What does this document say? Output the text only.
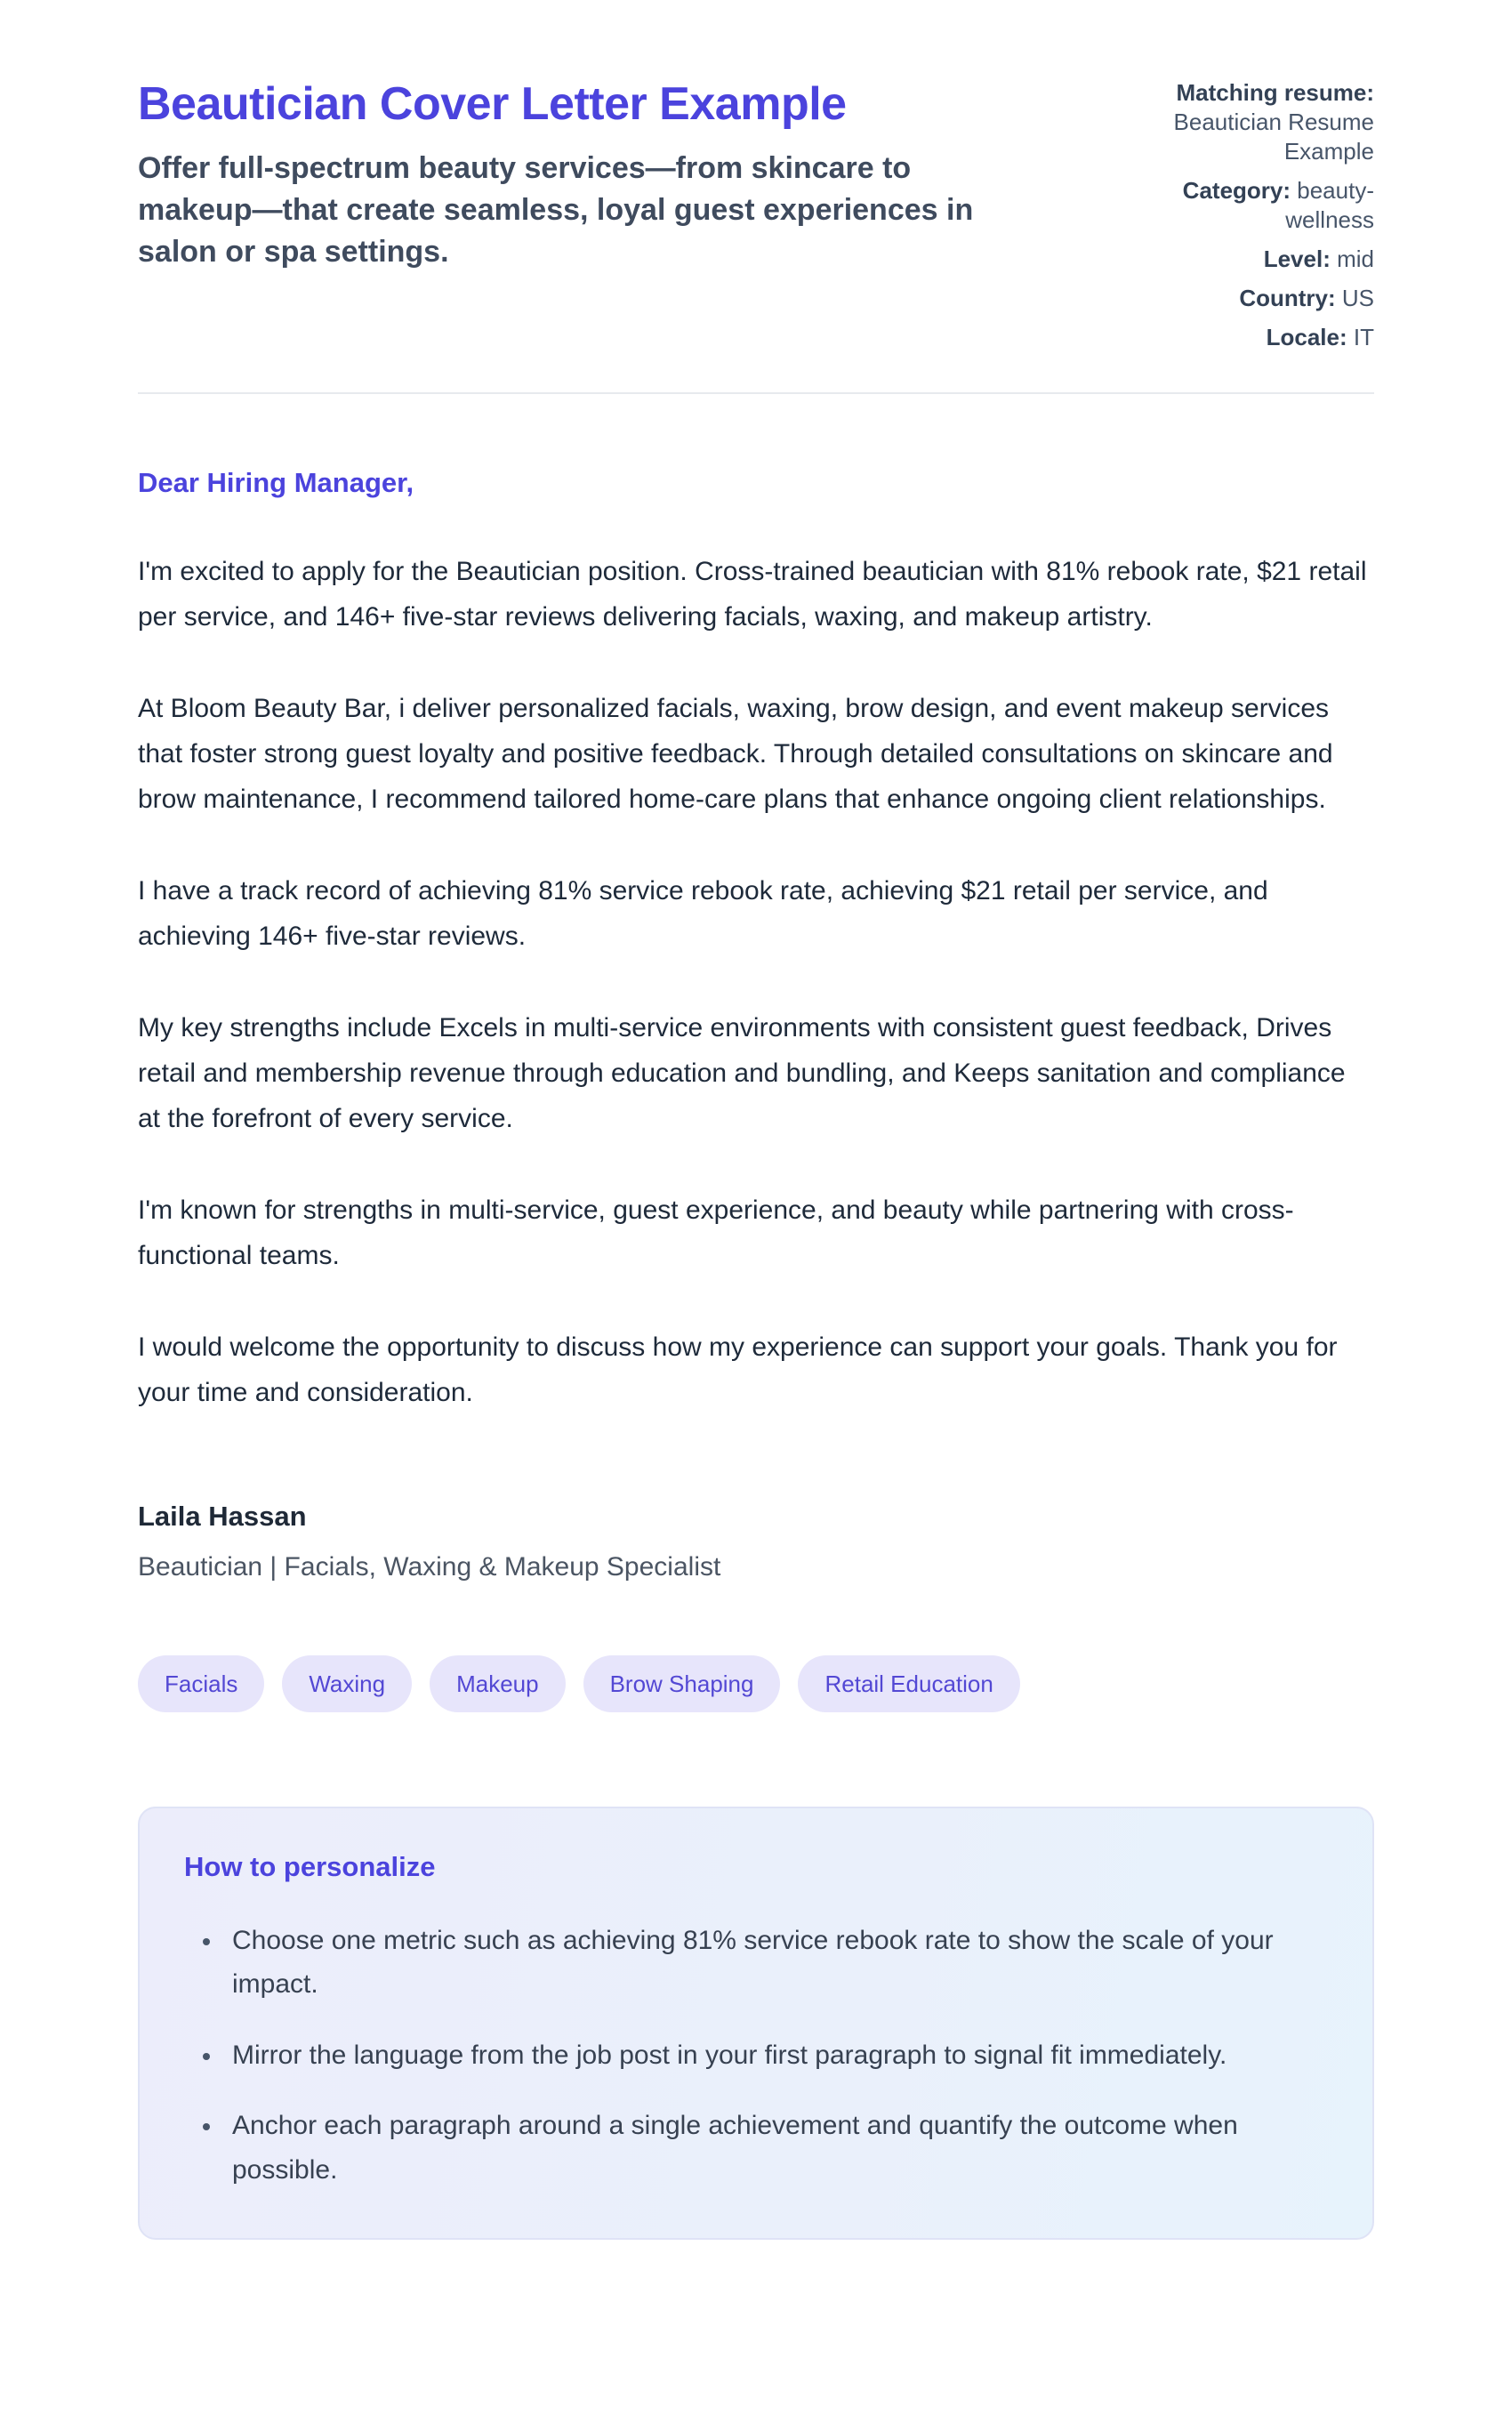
Beautician Cover Letter Example

Offer full-spectrum beauty services—from skincare to makeup—that create seamless, loyal guest experiences in salon or spa settings.

Matching resume: Beautician Resume Example
Category: beauty-wellness
Level: mid
Country: US
Locale: IT

Dear Hiring Manager,

I'm excited to apply for the Beautician position. Cross-trained beautician with 81% rebook rate, $21 retail per service, and 146+ five-star reviews delivering facials, waxing, and makeup artistry.

At Bloom Beauty Bar, i deliver personalized facials, waxing, brow design, and event makeup services that foster strong guest loyalty and positive feedback. Through detailed consultations on skincare and brow maintenance, I recommend tailored home-care plans that enhance ongoing client relationships.

I have a track record of achieving 81% service rebook rate, achieving $21 retail per service, and achieving 146+ five-star reviews.

My key strengths include Excels in multi-service environments with consistent guest feedback, Drives retail and membership revenue through education and bundling, and Keeps sanitation and compliance at the forefront of every service.

I'm known for strengths in multi-service, guest experience, and beauty while partnering with cross-functional teams.

I would welcome the opportunity to discuss how my experience can support your goals. Thank you for your time and consideration.

Laila Hassan

Beautician | Facials, Waxing & Makeup Specialist

Facials	Waxing	Makeup	Brow Shaping	Retail Education
How to personalize
• Choose one metric such as achieving 81% service rebook rate to show the scale of your impact.
• Mirror the language from the job post in your first paragraph to signal fit immediately.
• Anchor each paragraph around a single achievement and quantify the outcome when possible.
